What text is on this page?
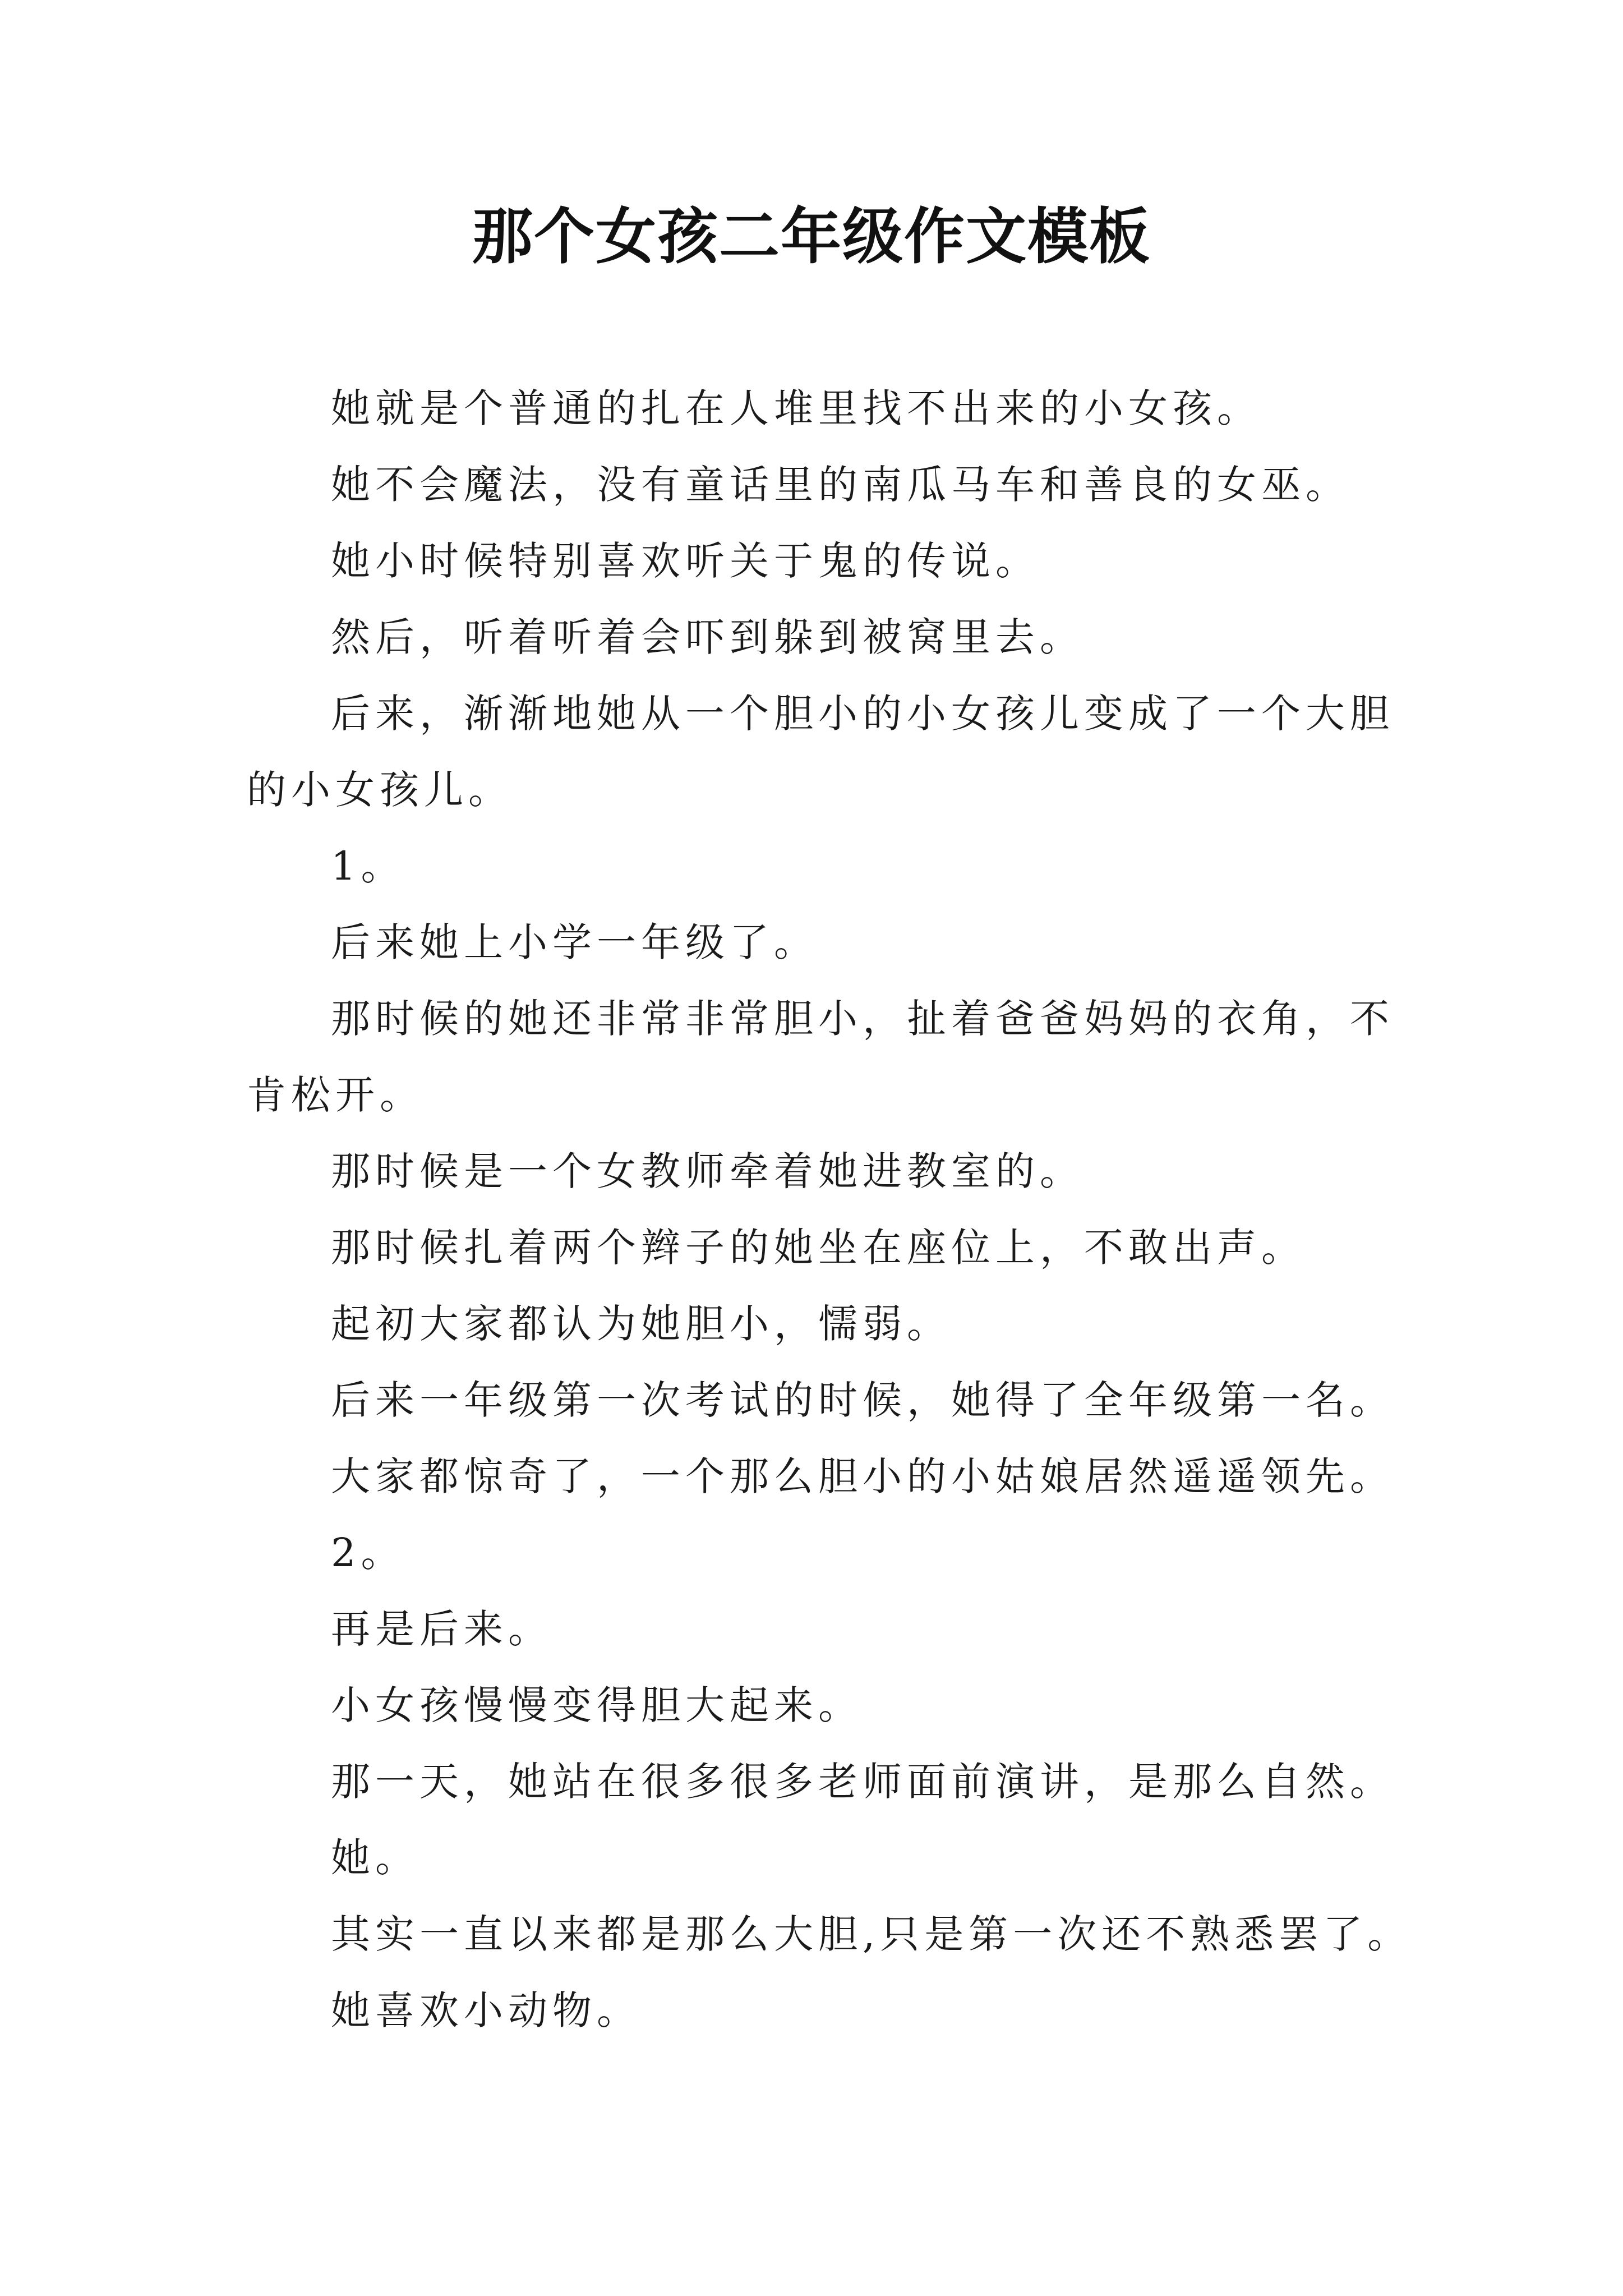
那个女孩二年级作文模板

她就是个普通的扎在人堆里找不出来的小女孩。

她不会魔法，没有童话里的南瓜马车和善良的女巫。

她小时候特别喜欢听关于鬼的传说。

然后，听着听着会吓到躲到被窝里去。

后来，渐渐地她从一个胆小的小女孩儿变成了一个大胆的小女孩儿。

1。

后来她上小学一年级了。

那时候的她还非常非常胆小，扯着爸爸妈妈的衣角，不肯松开。

那时候是一个女教师牵着她进教室的。

那时候扎着两个辫子的她坐在座位上，不敢出声。

起初大家都认为她胆小，懦弱。

后来一年级第一次考试的时候，她得了全年级第一名。

大家都惊奇了，一个那么胆小的小姑娘居然遥遥领先。

2。

再是后来。

小女孩慢慢变得胆大起来。

那一天，她站在很多很多老师面前演讲，是那么自然。

她。

其实一直以来都是那么大胆,只是第一次还不熟悉罢了。

她喜欢小动物。
